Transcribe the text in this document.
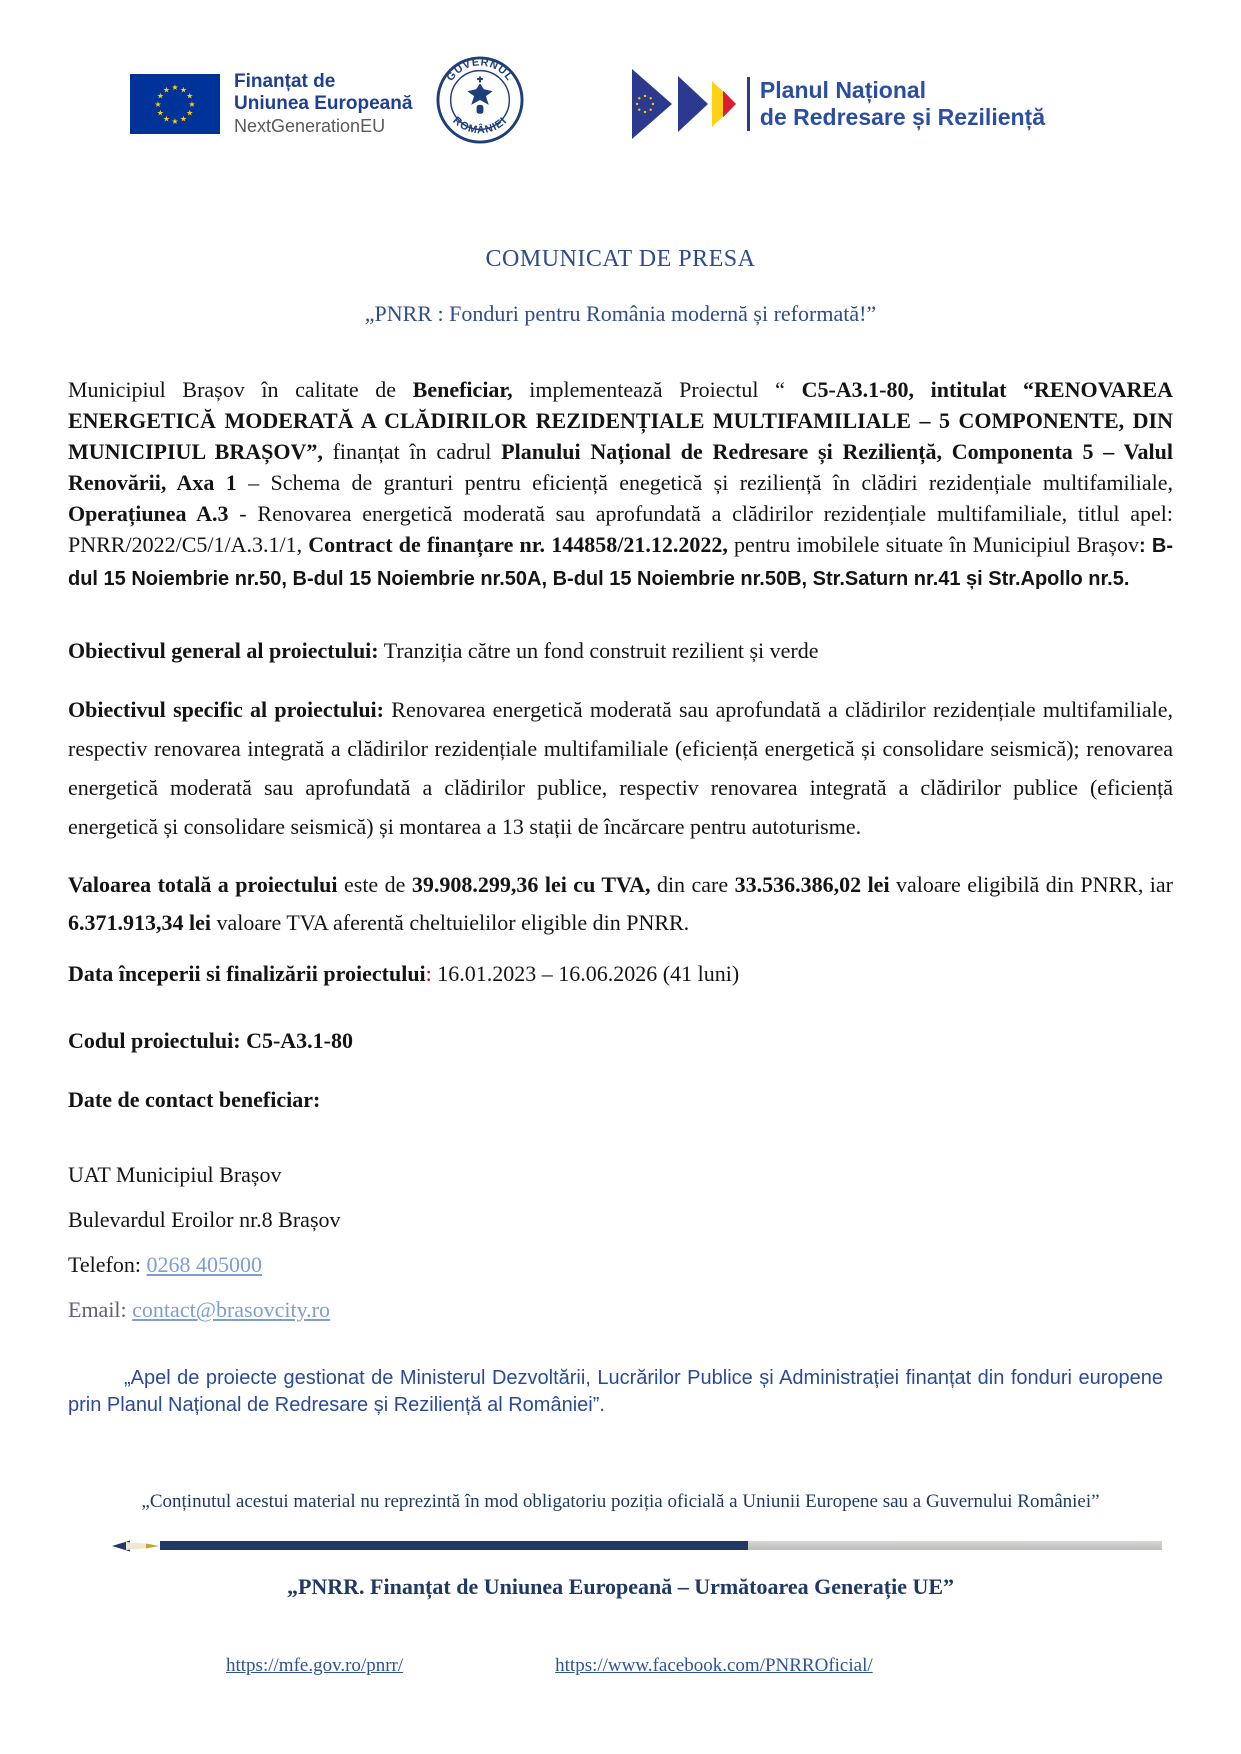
★
★
★
★
★
★
★
★
★ ★ ★
★
Finanțat de
Uniunea Europeană
NextGenerationEU
GUVERNUL
ROMÂNIEI
Planul Național
de Redresare și Reziliență
COMUNICAT DE PRESA
„PNRR : Fonduri pentru România modernă și reformată!”

Municipiul Brașov în calitate de Beneficiar, implementează Proiectul “ C5-A3.1-80, intitulat “RENOVAREA ENERGETICĂ MODERATĂ A CLĂDIRILOR REZIDENȚIALE MULTIFAMILIALE – 5 COMPONENTE, DIN MUNICIPIUL BRAȘOV”, finanțat în cadrul Planului Național de Redresare și Reziliență, Componenta 5 – Valul Renovării, Axa 1 – Schema de granturi pentru eficiență enegetică și reziliență în clădiri rezidențiale multifamiliale, Operațiunea A.3 - Renovarea energetică moderată sau aprofundată a clădirilor rezidențiale multifamiliale, titlul apel: PNRR/2022/C5/1/A.3.1/1, Contract de finanțare nr. 144858/21.12.2022, pentru imobilele situate în Municipiul Brașov: B-dul 15 Noiembrie nr.50, B-dul 15 Noiembrie nr.50A, B-dul 15 Noiembrie nr.50B, Str.Saturn nr.41 și Str.Apollo nr.5.

Obiectivul general al proiectului: Tranziția către un fond construit rezilient și verde

Obiectivul specific al proiectului: Renovarea energetică moderată sau aprofundată a clădirilor rezidențiale multifamiliale, respectiv renovarea integrată a clădirilor rezidențiale multifamiliale (eficiență energetică și consolidare seismică); renovarea energetică moderată sau aprofundată a clădirilor publice, respectiv renovarea integrată a clădirilor publice (eficiență energetică și consolidare seismică) și montarea a 13 stații de încărcare pentru autoturisme.

Valoarea totală a proiectului este de 39.908.299,36 lei cu TVA, din care 33.536.386,02 lei valoare eligibilă din PNRR, iar 6.371.913,34 lei valoare TVA aferentă cheltuielilor eligible din PNRR.

Data începerii si finalizării proiectului: 16.01.2023 – 16.06.2026 (41 luni)

Codul proiectului: C5-A3.1-80

Date de contact beneficiar:

UAT Municipiul Brașov

Bulevardul Eroilor nr.8 Brașov

Telefon: 0268 405000

Email: contact@brasovcity.ro

„Apel de proiecte gestionat de Ministerul Dezvoltării, Lucrărilor Publice și Administrației finanțat din fonduri europene prin Planul Național de Redresare și Reziliență al României”.

„Conținutul acestui material nu reprezintă în mod obligatoriu poziția oficială a Uniunii Europene sau a Guvernului României”

„PNRR. Finanțat de Uniunea Europeană – Următoarea Generație UE”

https://mfe.gov.ro/pnrr/	https://www.facebook.com/PNRROficial/
